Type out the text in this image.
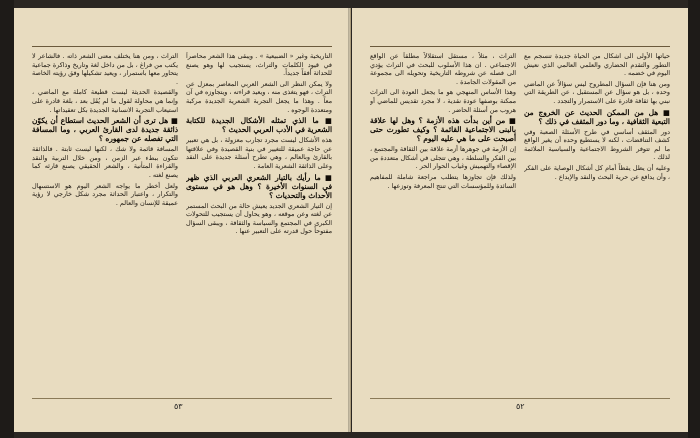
التراث ، ومن هنا يختلف معنى الشعر ذاته . فالشاعر لا يكتب من فراغ ، بل من داخل لغة وتاريخ وذاكرة جماعية يتحاور معها باستمرار ، ويعيد تشكيلها وفق رؤيته الخاصة .

والقصيدة الحديثة ليست قطيعة كاملة مع الماضي ، وإنما هي محاولة لقول ما لم يُقَل بعد ، بلغة قادرة على استيعاب التجربة الانسانية الجديدة بكل تعقيداتها .

■ هل ترى أن الشعر الحديث استطاع أن يكوّن ذائقة جديدة لدى القارئ العربي ، وما المسافة التي تفصله عن جمهوره ؟

المسافة قائمة ولا شك ، لكنها ليست ثابتة . فالذائقة تتكون ببطء عبر الزمن ، ومن خلال التربية والنقد والقراءة المتأنية ، والشعر الحقيقي يصنع قارئه كما يصنع لغته .

ولعل أخطر ما يواجه الشعر اليوم هو الاستسهال والتكرار ، واعتبار الحداثة مجرد شكل خارجي لا رؤية عميقة للإنسان والعالم .

التاريخية وغير « الضبيعية » . ويبقى هذا الشعر محاصراً في قيود الكلمات والتراث، يستجيب لها وهو يصنع للحداثة أفقاً جديداً.

ولا يمكن النظر الى الشعر العربي المعاصر بمعزل عن التراث ، فهو يتغذى منه ، ويعيد قراءته ، ويتجاوزه في آن معاً . وهذا ما يجعل التجربة الشعرية الجديدة مركبة ومتعددة الوجوه .

■ ما الذي تمثله الأشكال الجديدة للكتابة الشعرية في الأدب العربي الحديث ؟

هذه الأشكال ليست مجرد تجارب معزولة ، بل هي تعبير عن حاجة عميقة للتغيير في بنية القصيدة وفي علاقتها بالقارئ وبالعالم ، وهي تطرح أسئلة جديدة على النقد وعلى الذائقة الشعرية العامة .

■ ما رأيك بالتيار الشعري العربي الذي ظهر في السنوات الأخيرة ؟ وهل هو في مستوى الأحداث والتحديات ؟

إن التيار الشعري الجديد يعيش حالة من البحث المستمر عن لغته وعن موقعه ، وهو يحاول أن يستجيب للتحولات الكبرى في المجتمع والسياسة والثقافة ، ويبقى السؤال مفتوحاً حول قدرته على التعبير عنها .

٥٣

التراث ، مثلاً ، مستقل استقلالاً مطلقاً عن الواقع الاجتماعي . ان هذا الأسلوب للبحث في التراث يؤدي الى فصله عن شروطه التاريخية وتحويله الى مجموعة من المقولات الجامدة .

وهذا الأساس المنهجي هو ما يجعل العودة الى التراث ممكنة بوصفها عودة نقدية ، لا مجرد تقديس للماضي أو هروب من أسئلة الحاضر .

■ من أين بدأت هذه الأزمة ؟ وهل لها علاقة بالبنى الاجتماعية القائمة ؟ وكيف تطورت حتى أصبحت على ما هي عليه اليوم ؟

إن الأزمة في جوهرها أزمة علاقة بين الثقافة والمجتمع ، بين الفكر والسلطة ، وهي تتجلى في أشكال متعددة من الإقصاء والتهميش وغياب الحوار الحر .

ولذلك فإن تجاوزها يتطلب مراجعة شاملة للمفاهيم السائدة وللمؤسسات التي تنتج المعرفة وتوزعها .

حياتها الأولى الى اشكال من الحياة جديدة تنسجم مع التطور والتقدم الحضاري والعلمي العالمي الذي نعيش اليوم في خضمه .

ومن هنا فإن السؤال المطروح ليس سؤالاً عن الماضي وحده ، بل هو سؤال عن المستقبل ، عن الطريقة التي نبني بها ثقافة قادرة على الاستمرار والتجدد .

■ هل من الممكن الحديث عن الخروج من التبعية الثقافية ، وما دور المثقف في ذلك ؟

دور المثقف أساسي في طرح الأسئلة الصعبة وفي كشف التناقضات ، لكنه لا يستطيع وحده أن يغير الواقع ما لم تتوفر الشروط الاجتماعية والسياسية الملائمة لذلك .

وعليه أن يظل يقظاً أمام كل أشكال الوصاية على الفكر ، وأن يدافع عن حرية البحث والنقد والإبداع .

٥٢
